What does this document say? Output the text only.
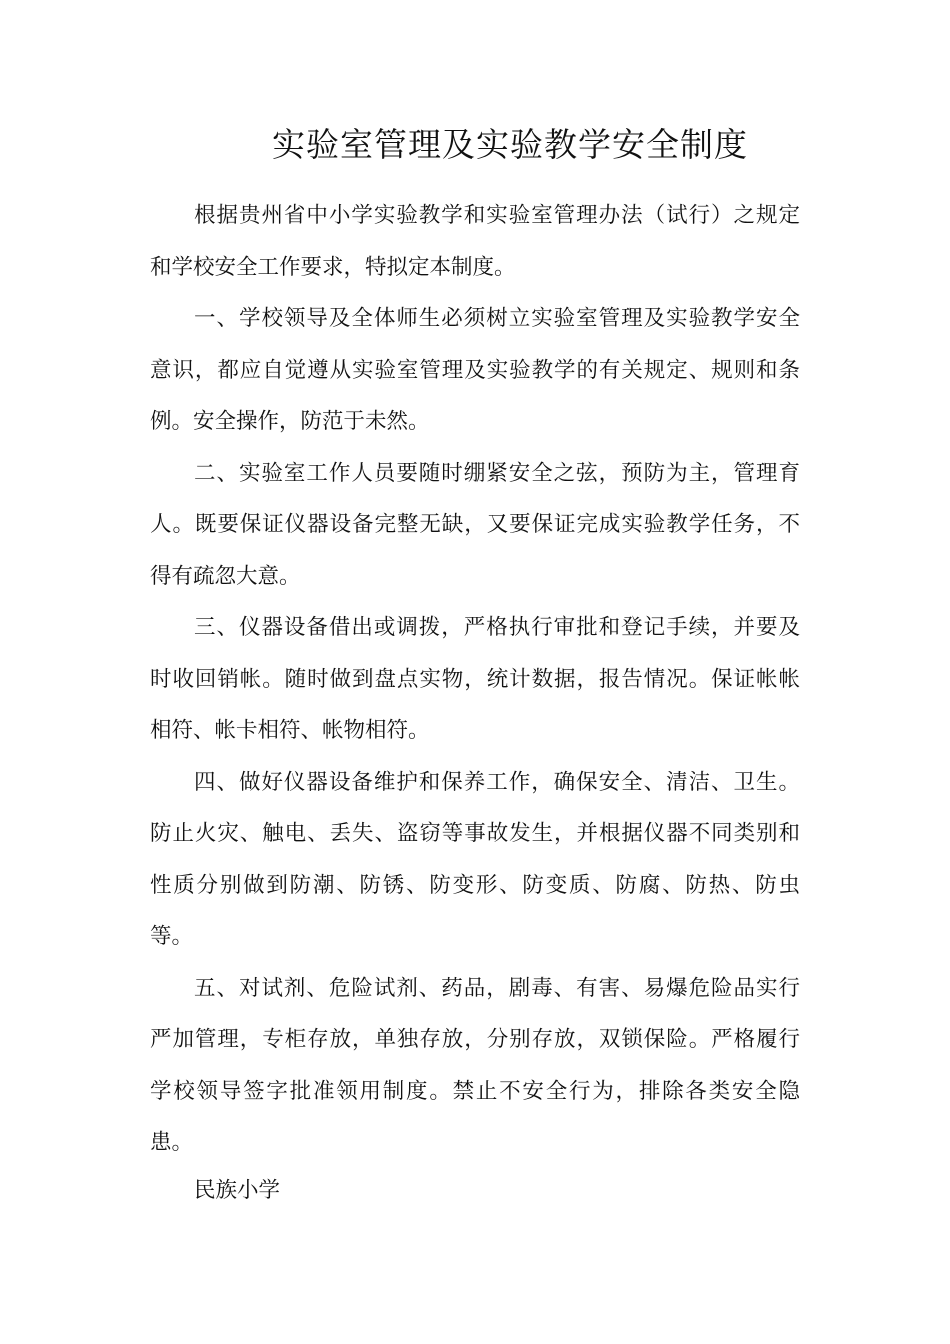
实验室管理及实验教学安全制度
根据贵州省中小学实验教学和实验室管理办法（试行）之规定
和学校安全工作要求，特拟定本制度。
一、学校领导及全体师生必须树立实验室管理及实验教学安全
意识，都应自觉遵从实验室管理及实验教学的有关规定、规则和条
例。安全操作，防范于未然。
二、实验室工作人员要随时绷紧安全之弦，预防为主，管理育
人。既要保证仪器设备完整无缺，又要保证完成实验教学任务，不
得有疏忽大意。
三、仪器设备借出或调拨，严格执行审批和登记手续，并要及
时收回销帐。随时做到盘点实物，统计数据，报告情况。保证帐帐
相符、帐卡相符、帐物相符。
四、做好仪器设备维护和保养工作，确保安全、清洁、卫生。
防止火灾、触电、丢失、盗窃等事故发生，并根据仪器不同类别和
性质分别做到防潮、防锈、防变形、防变质、防腐、防热、防虫
等。
五、对试剂、危险试剂、药品，剧毒、有害、易爆危险品实行
严加管理，专柜存放，单独存放，分别存放，双锁保险。严格履行
学校领导签字批准领用制度。禁止不安全行为，排除各类安全隐
患。
民族小学
